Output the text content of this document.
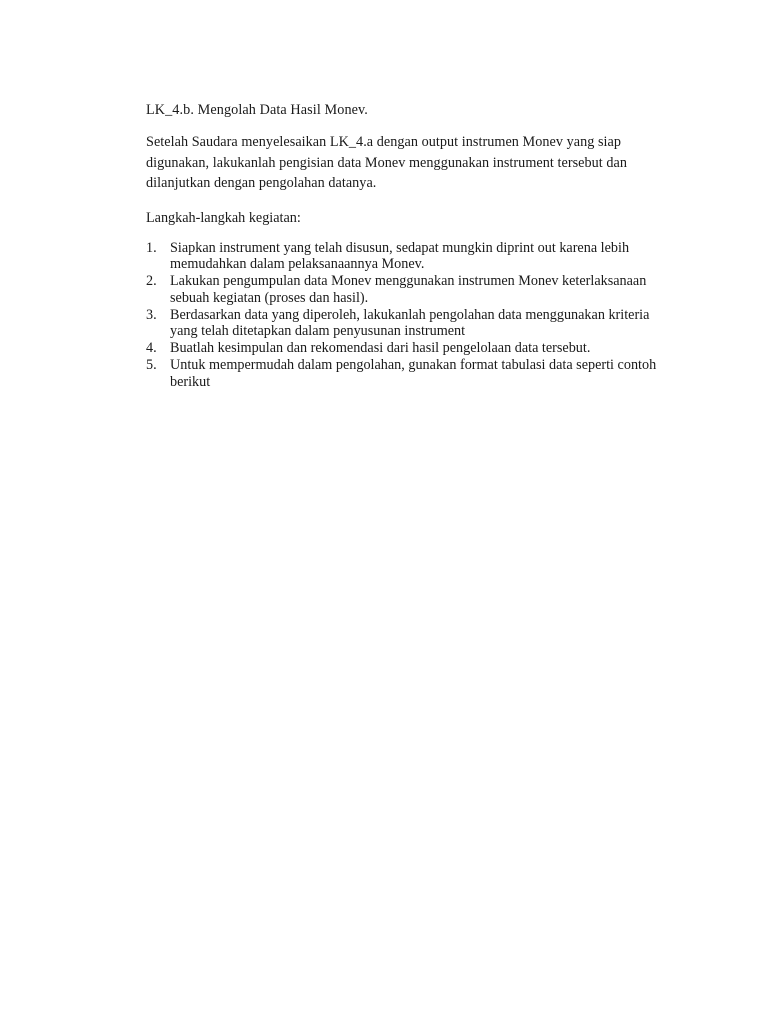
LK_4.b. Mengolah Data Hasil Monev.

Setelah Saudara menyelesaikan LK_4.a dengan output instrumen Monev yang siap digunakan, lakukanlah pengisian data Monev menggunakan instrument tersebut dan dilanjutkan dengan pengolahan datanya.

Langkah-langkah kegiatan:

1. Siapkan instrument yang telah disusun, sedapat mungkin diprint out karena lebih memudahkan dalam pelaksanaannya Monev.
2. Lakukan pengumpulan data Monev menggunakan instrumen Monev keterlaksanaan sebuah kegiatan (proses dan hasil).
3. Berdasarkan data yang diperoleh, lakukanlah pengolahan data menggunakan kriteria yang telah ditetapkan dalam penyusunan instrument
4. Buatlah kesimpulan dan rekomendasi dari hasil pengelolaan data tersebut.
5. Untuk mempermudah dalam pengolahan, gunakan format tabulasi data seperti contoh berikut
